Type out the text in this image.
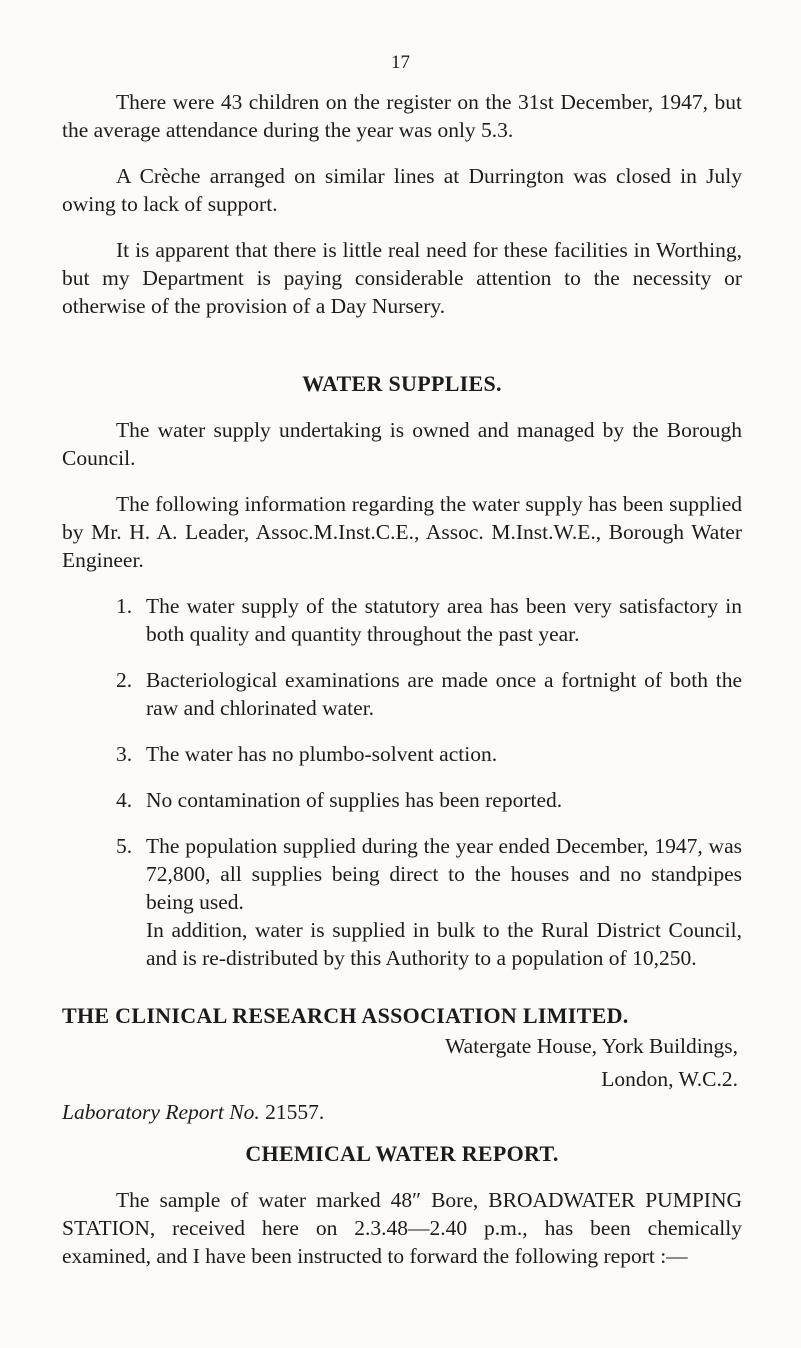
17

There were 43 children on the register on the 31st December, 1947, but the average attendance during the year was only 5.3.

A Crèche arranged on similar lines at Durrington was closed in July owing to lack of support.

It is apparent that there is little real need for these facilities in Worthing, but my Department is paying considerable attention to the necessity or otherwise of the provision of a Day Nursery.

WATER SUPPLIES.

The water supply undertaking is owned and managed by the Borough Council.

The following information regarding the water supply has been supplied by Mr. H. A. Leader, Assoc.M.Inst.C.E., Assoc. M.Inst.W.E., Borough Water Engineer.

1. The water supply of the statutory area has been very satisfactory in both quality and quantity throughout the past year.
2. Bacteriological examinations are made once a fortnight of both the raw and chlorinated water.
3. The water has no plumbo-solvent action.
4. No contamination of supplies has been reported.
5. The population supplied during the year ended December, 1947, was 72,800, all supplies being direct to the houses and no standpipes being used.
In addition, water is supplied in bulk to the Rural District Council, and is re-distributed by this Authority to a population of 10,250.
THE CLINICAL RESEARCH ASSOCIATION LIMITED.
Watergate House, York Buildings,
London, W.C.2.
Laboratory Report No. 21557.
CHEMICAL WATER REPORT.

The sample of water marked 48″ Bore, BROADWATER PUMPING STATION, received here on 2.3.48—2.40 p.m., has been chemically examined, and I have been instructed to forward the following report :—
